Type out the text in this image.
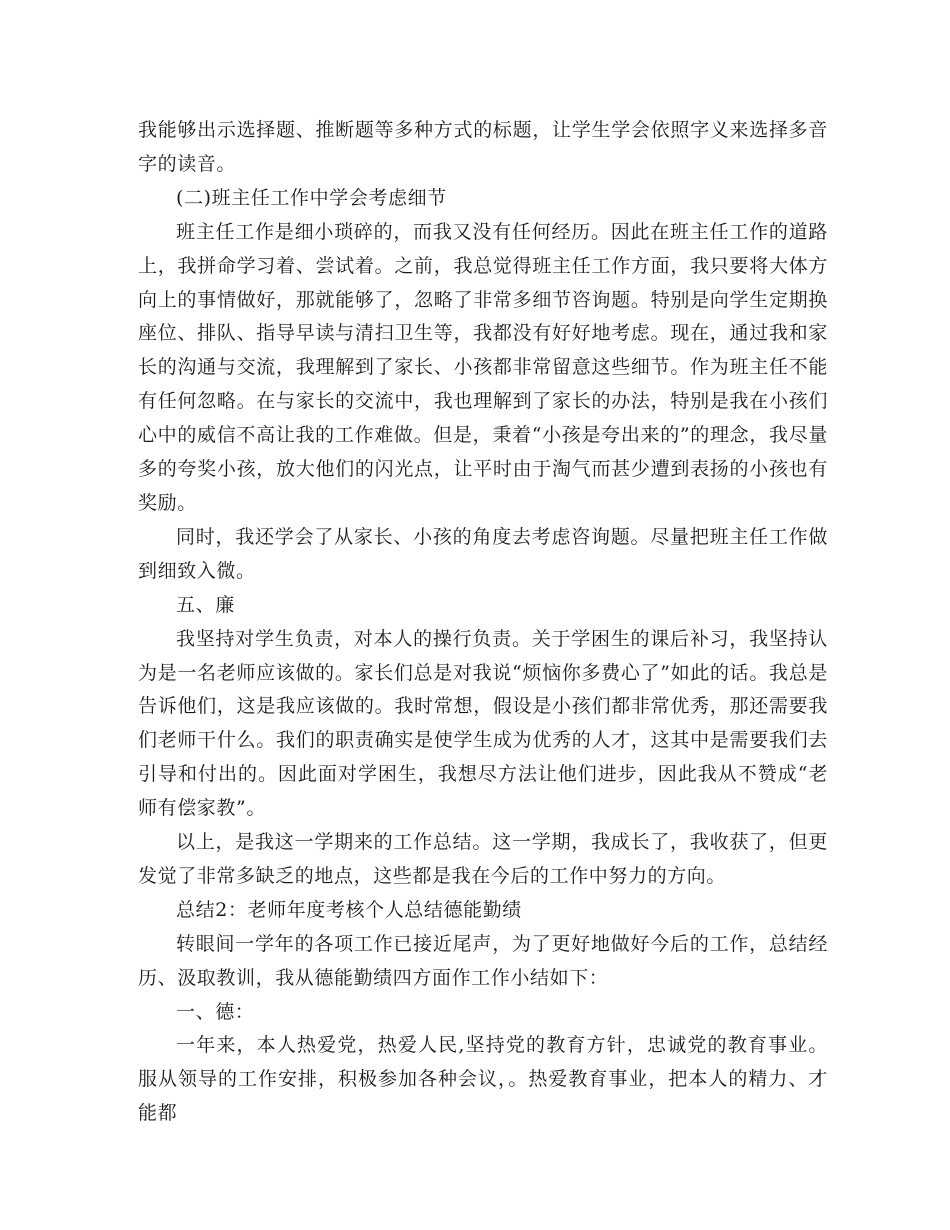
我能够出示选择题、推断题等多种方式的标题，让学生学会依照字义来选择多音字的读音。

(二)班主任工作中学会考虑细节

班主任工作是细小琐碎的，而我又没有任何经历。因此在班主任工作的道路上，我拼命学习着、尝试着。之前，我总觉得班主任工作方面，我只要将大体方向上的事情做好，那就能够了，忽略了非常多细节咨询题。特别是向学生定期换座位、排队、指导早读与清扫卫生等，我都没有好好地考虑。现在，通过我和家长的沟通与交流，我理解到了家长、小孩都非常留意这些细节。作为班主任不能有任何忽略。在与家长的交流中，我也理解到了家长的办法，特别是我在小孩们心中的威信不高让我的工作难做。但是，秉着“小孩是夸出来的”的理念，我尽量多的夸奖小孩，放大他们的闪光点，让平时由于淘气而甚少遭到表扬的小孩也有奖励。

同时，我还学会了从家长、小孩的角度去考虑咨询题。尽量把班主任工作做到细致入微。

五、廉

我坚持对学生负责，对本人的操行负责。关于学困生的课后补习，我坚持认为是一名老师应该做的。家长们总是对我说“烦恼你多费心了”如此的话。我总是告诉他们，这是我应该做的。我时常想，假设是小孩们都非常优秀，那还需要我们老师干什么。我们的职责确实是使学生成为优秀的人才，这其中是需要我们去引导和付出的。因此面对学困生，我想尽方法让他们进步，因此我从不赞成“老师有偿家教”。

以上，是我这一学期来的工作总结。这一学期，我成长了，我收获了，但更发觉了非常多缺乏的地点，这些都是我在今后的工作中努力的方向。

总结2：老师年度考核个人总结德能勤绩

转眼间一学年的各项工作已接近尾声，为了更好地做好今后的工作，总结经历、汲取教训，我从德能勤绩四方面作工作小结如下：

一、德：

一年来，本人热爱党，热爱人民,坚持党的教育方针，忠诚党的教育事业。服从领导的工作安排，积极参加各种会议，。热爱教育事业，把本人的精力、才能都
